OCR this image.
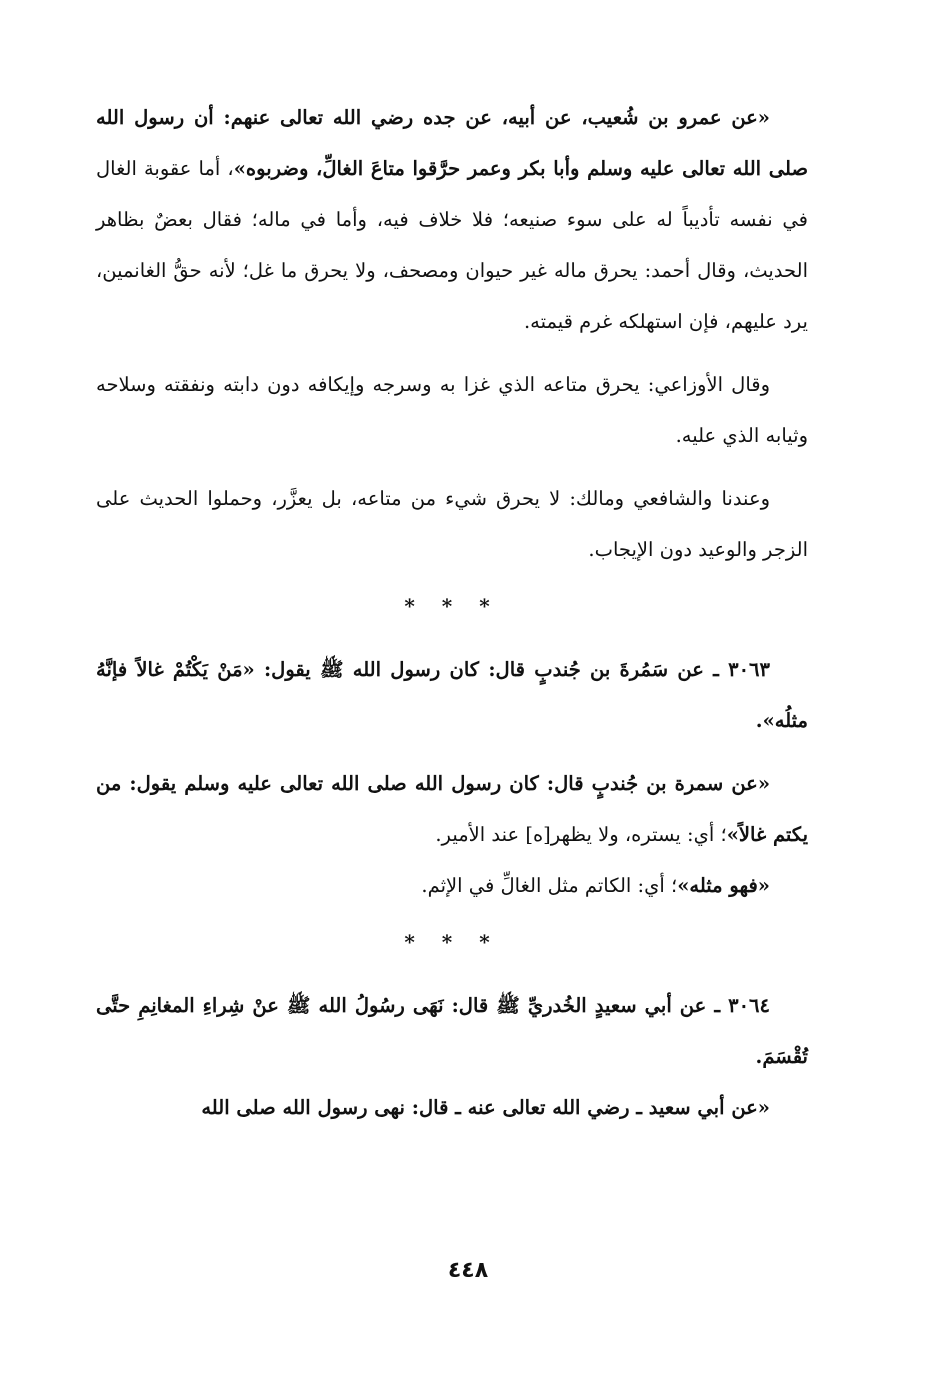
«عن عمرو بن شُعيب، عن أبيه، عن جده رضي الله تعالى عنهم: أن رسول الله صلى الله تعالى عليه وسلم وأبا بكر وعمر حرَّقوا متاعَ الغالِّ، وضربوه»، أما عقوبة الغال في نفسه تأديباً له على سوء صنيعه؛ فلا خلاف فيه، وأما في ماله؛ فقال بعضٌ بظاهر الحديث، وقال أحمد: يحرق ماله غير حيوان ومصحف، ولا يحرق ما غل؛ لأنه حقُّ الغانمين، يرد عليهم، فإن استهلكه غرم قيمته.

وقال الأوزاعي: يحرق متاعه الذي غزا به وسرجه وإيكافه دون دابته ونفقته وسلاحه وثيابه الذي عليه.

وعندنا والشافعي ومالك: لا يحرق شيء من متاعه، بل يعزَّر، وحملوا الحديث على الزجر والوعيد دون الإيجاب.

* * *

٣٠٦٣ ـ عن سَمُرةَ بن جُندبٍ قال: كان رسول الله ﷺ يقول: «مَنْ يَكْتُمْ غالاً فإنَّهُ مثلُه».

«عن سمرة بن جُندبٍ قال: كان رسول الله صلى الله تعالى عليه وسلم يقول: من يكتم غالاً»؛ أي: يستره، ولا يظهر[ه] عند الأمير.

«فهو مثله»؛ أي: الكاتم مثل الغالِّ في الإثم.

* * *

٣٠٦٤ ـ عن أبي سعيدٍ الخُدريِّ ﷺ قال: نَهَى رسُولُ الله ﷺ عنْ شِراءِ المغانِمِ حتَّى تُقْسَمَ.

«عن أبي سعيد ـ رضي الله تعالى عنه ـ قال: نهى رسول الله صلى الله

٤٤٨
